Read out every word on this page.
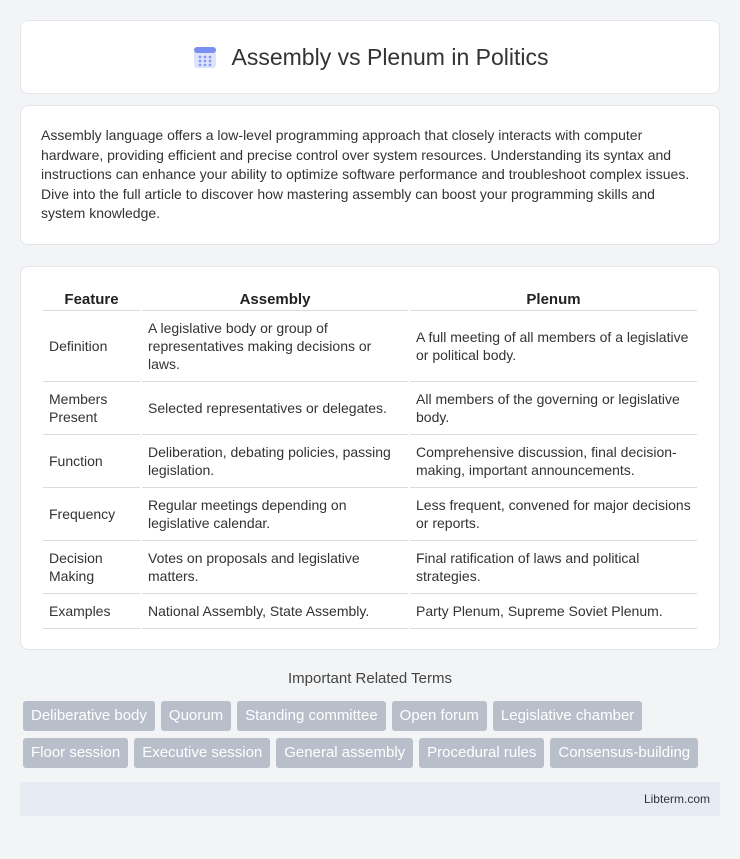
Assembly vs Plenum in Politics

Assembly language offers a low-level programming approach that closely interacts with computer hardware, providing efficient and precise control over system resources. Understanding its syntax and instructions can enhance your ability to optimize software performance and troubleshoot complex issues. Dive into the full article to discover how mastering assembly can boost your programming skills and system knowledge.

Feature	Assembly	Plenum
Definition	A legislative body or group of representatives making decisions or laws.	A full meeting of all members of a legislative or political body.
Members Present	Selected representatives or delegates.	All members of the governing or legislative body.
Function	Deliberation, debating policies, passing legislation.	Comprehensive discussion, final decision-making, important announcements.
Frequency	Regular meetings depending on legislative calendar.	Less frequent, convened for major decisions or reports.
Decision Making	Votes on proposals and legislative matters.	Final ratification of laws and political strategies.
Examples	National Assembly, State Assembly.	Party Plenum, Supreme Soviet Plenum.
Important Related Terms
Deliberative body	Quorum	Standing committee	Open forum	Legislative chamber
Floor session	Executive session	General assembly	Procedural rules	Consensus-building
Libterm.com
